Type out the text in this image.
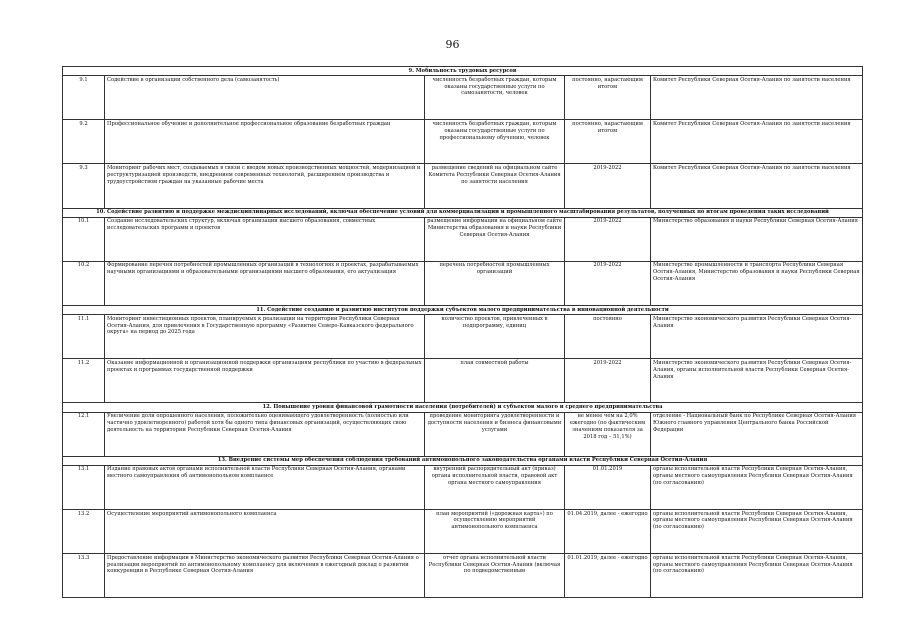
96
9. Мобильность трудовых ресурсов				
9.1	Содействие в организации собственного дела (самозанятость)	численность безработных граждан, которым оказаны государственные услуги по самозанятости, человек	постоянно, нарастающим итогом	Комитет Республики Северная Осетия-Алания по занятости населения
9.2	Профессиональное обучение и дополнительное профессиональное образование безработных граждан	численность безработных граждан, которым оказаны государственные услуги по профессиональному обучению, человек	постоянно, нарастающим итогом	Комитет Республики Северная Осетия-Алания по занятости населения
9.3	Мониторинг рабочих мест, создаваемых в связи с вводом новых производственных мощностей, модернизацией и реструктуризацией производств, внедрением современных технологий, расширением производства и трудоустройством граждан на указанные рабочие места	размещение сведений на официальном сайте Комитета Республики Северная Осетия-Алания по занятости населения	2019-2022	Комитет Республики Северная Осетия-Алания по занятости населения
10. Содействие развитию и поддержке междисциплинарных исследований, включая обеспечение условий для коммерциализации и промышленного масштабирования результатов, полученных по итогам проведения таких исследований				
10.1	Создание исследовательских структур, включая организации высшего образования, совместных исследовательских программ и проектов	размещение информации на официальном сайте Министерства образования и науки Республики Северная Осетия-Алания	2019-2022	Министерство образования и науки Республики Северная Осетия-Алания
10.2	Формирование перечня потребностей промышленных организаций в технологиях и проектах, разрабатываемых научными организациями и образовательными организациями высшего образования, его актуализация	перечень потребностей промышленных организаций	2019-2022	Министерство промышленности и транспорта Республики Северная Осетия-Алания, Министерство образования и науки Республики Северная Осетия-Алания
11. Содействие созданию и развитию институтов поддержки субъектов малого предпринимательства в инновационной деятельности				
11.1	Мониторинг инвестиционных проектов, планируемых к реализации на территории Республики Северная Осетия-Алания, для привлечения в Государственную программу «Развитие Северо-Кавказского федерального округа» на период до 2025 года	количество проектов, привлеченных в подпрограмму, единиц	постоянно	Министерство экономического развития Республики Северная Осетия-Алания
11.2	Оказание информационной и организационной поддержки организациям республики по участию в федеральных проектах и программах государственной поддержки	план совместной работы	2019-2022	Министерство экономического развития Республики Северная Осетия-Алания, органы исполнительной власти Республики Северная Осетия-Алания
12. Повышение уровня финансовой грамотности населения (потребителей) и субъектов малого и среднего предпринимательства				
12.1	Увеличение доли опрошенного населения, положительно оценивающего удовлетворенность (полностью или частично удовлетворенного) работой хотя бы одного типа финансовых организаций, осуществляющих свою деятельность на территории Республики Северная Осетия-Алания	проведение мониторинга удовлетворенности и доступности населения и бизнеса финансовыми услугами	не менее чем на 2,0% ежегодно (по фактическим значениям показателя за 2018 год – 51,1%)	отделение - Национальный банк по Республике Северная Осетия-Алания Южного главного управления Центрального банка Российской Федерации
13. Внедрение системы мер обеспечения соблюдения требований антимонопольного законодательства органами власти Республики Северная Осетия-Алания				
13.1	Издание правовых актов органами исполнительной власти Республики Северная Осетия-Алания, органами местного самоуправления об антимонопольном комплаенсе	внутренний распорядительный акт (приказ) органа исполнительной власти, правовой акт органа местного самоуправления	01.01.2019	органы исполнительной власти Республики Северная Осетия-Алания, органы местного самоуправления Республики Северная Осетия-Алания (по согласованию)
13.2	Осуществление мероприятий антимонопольного комплаенса	план мероприятий («дорожная карта») по осуществлению мероприятий антимонопольного комплаенса	01.04.2019, далее - ежегодно	органы исполнительной власти Республики Северная Осетия-Алания, органы местного самоуправления Республики Северная Осетия-Алания (по согласованию)
13.3	Предоставление информации в Министерство экономического развития Республики Северная Осетия-Алания о реализации мероприятий по антимонопольному комплаенсу для включения в ежегодный доклад о развитии конкуренции в Республике Северная Осетия-Алания	отчет органа исполнительной власти Республики Северная Осетия-Алания (включая по подведомственным	01.01.2019, далее - ежегодно	органы исполнительной власти Республики Северная Осетия-Алания, органы местного самоуправления Республики Северная Осетия-Алания (по согласованию)
